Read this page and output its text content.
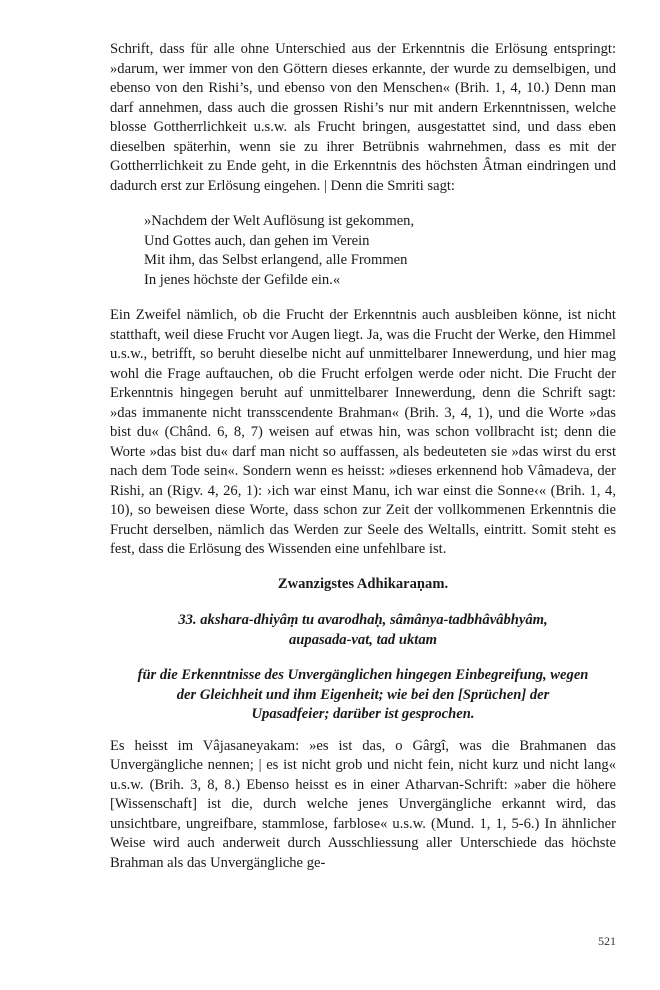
Schrift, dass für alle ohne Unterschied aus der Erkenntnis die Erlösung entspringt: »darum, wer immer von den Göttern dieses erkannte, der wurde zu demselbigen, und ebenso von den Rishi’s, und ebenso von den Menschen« (Brih. 1, 4, 10.) Denn man darf annehmen, dass auch die grossen Rishi’s nur mit andern Erkenntnissen, welche blosse Gottherrlichkeit u.s.w. als Frucht bringen, ausgestattet sind, und dass eben dieselben späterhin, wenn sie zu ihrer Betrübnis wahrnehmen, dass es mit der Gottherrlichkeit zu Ende geht, in die Erkenntnis des höchsten Âtman eindringen und dadurch erst zur Erlösung eingehen. | Denn die Smriti sagt:

»Nachdem der Welt Auflösung ist gekommen,
Und Gottes auch, dan gehen im Verein
Mit ihm, das Selbst erlangend, alle Frommen
In jenes höchste der Gefilde ein.«

Ein Zweifel nämlich, ob die Frucht der Erkenntnis auch ausbleiben könne, ist nicht statthaft, weil diese Frucht vor Augen liegt. Ja, was die Frucht der Werke, den Himmel u.s.w., betrifft, so beruht dieselbe nicht auf unmittelbarer Innewerdung, und hier mag wohl die Frage auftauchen, ob die Frucht erfolgen werde oder nicht. Die Frucht der Erkenntnis hingegen beruht auf unmittelbarer Innewerdung, denn die Schrift sagt: »das immanente nicht transscendente Brahman« (Brih. 3, 4, 1), und die Worte »das bist du« (Chând. 6, 8, 7) weisen auf etwas hin, was schon vollbracht ist; denn die Worte »das bist du« darf man nicht so auffassen, als bedeuteten sie »das wirst du erst nach dem Tode sein«. Sondern wenn es heisst: »dieses erkennend hob Vâmadeva, der Rishi, an (Rigv. 4, 26, 1): ›ich war einst Manu, ich war einst die Sonne‹« (Brih. 1, 4, 10), so beweisen diese Worte, dass schon zur Zeit der vollkommenen Erkenntnis die Frucht derselben, nämlich das Werden zur Seele des Weltalls, eintritt. Somit steht es fest, dass die Erlösung des Wissenden eine unfehlbare ist.

Zwanzigstes Adhikaraṇam.
33. akshara-dhiyâṃ tu avarodhaḥ, sâmânya-tadbhâvâbhyâm,
aupasada-vat, tad uktam
für die Erkenntnisse des Unvergänglichen hingegen Einbegreifung, wegen
der Gleichheit und ihm Eigenheit; wie bei den [Sprüchen] der
Upasadfeier; darüber ist gesprochen.

Es heisst im Vâjasaneyakam: »es ist das, o Gârgî, was die Brahmanen das Unvergängliche nennen; | es ist nicht grob und nicht fein, nicht kurz und nicht lang« u.s.w. (Brih. 3, 8, 8.) Ebenso heisst es in einer Atharvan-Schrift: »aber die höhere [Wissenschaft] ist die, durch welche jenes Unvergängliche erkannt wird, das unsichtbare, ungreifbare, stammlose, farblose« u.s.w. (Mund. 1, 1, 5-6.) In ähnlicher Weise wird auch anderweit durch Ausschliessung aller Unterschiede das höchste Brahman als das Unvergängliche ge-

521
